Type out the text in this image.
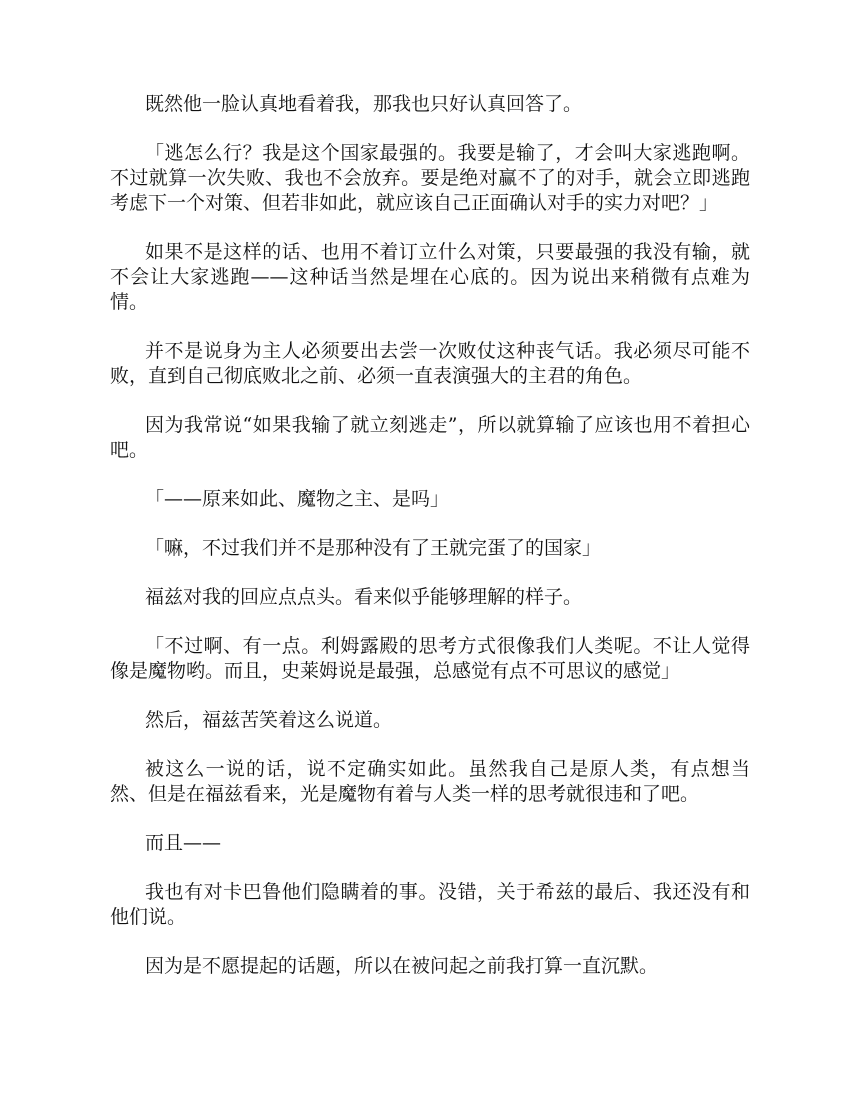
既然他一脸认真地看着我，那我也只好认真回答了。

「逃怎么行？我是这个国家最强的。我要是输了，才会叫大家逃跑啊。不过就算一次失败、我也不会放弃。要是绝对赢不了的对手，就会立即逃跑考虑下一个对策、但若非如此，就应该自己正面确认对手的实力对吧？」

如果不是这样的话、也用不着订立什么对策，只要最强的我没有输，就不会让大家逃跑——这种话当然是埋在心底的。因为说出来稍微有点难为情。

并不是说身为主人必须要出去尝一次败仗这种丧气话。我必须尽可能不败，直到自己彻底败北之前、必须一直表演强大的主君的角色。

因为我常说“如果我输了就立刻逃走”，所以就算输了应该也用不着担心吧。

「——原来如此、魔物之主、是吗」

「嘛，不过我们并不是那种没有了王就完蛋了的国家」

福兹对我的回应点点头。看来似乎能够理解的样子。

「不过啊、有一点。利姆露殿的思考方式很像我们人类呢。不让人觉得像是魔物哟。而且，史莱姆说是最强，总感觉有点不可思议的感觉」

然后，福兹苦笑着这么说道。

被这么一说的话，说不定确实如此。虽然我自己是原人类，有点想当然、但是在福兹看来，光是魔物有着与人类一样的思考就很违和了吧。

而且——

我也有对卡巴鲁他们隐瞒着的事。没错，关于希兹的最后、我还没有和他们说。

因为是不愿提起的话题，所以在被问起之前我打算一直沉默。
